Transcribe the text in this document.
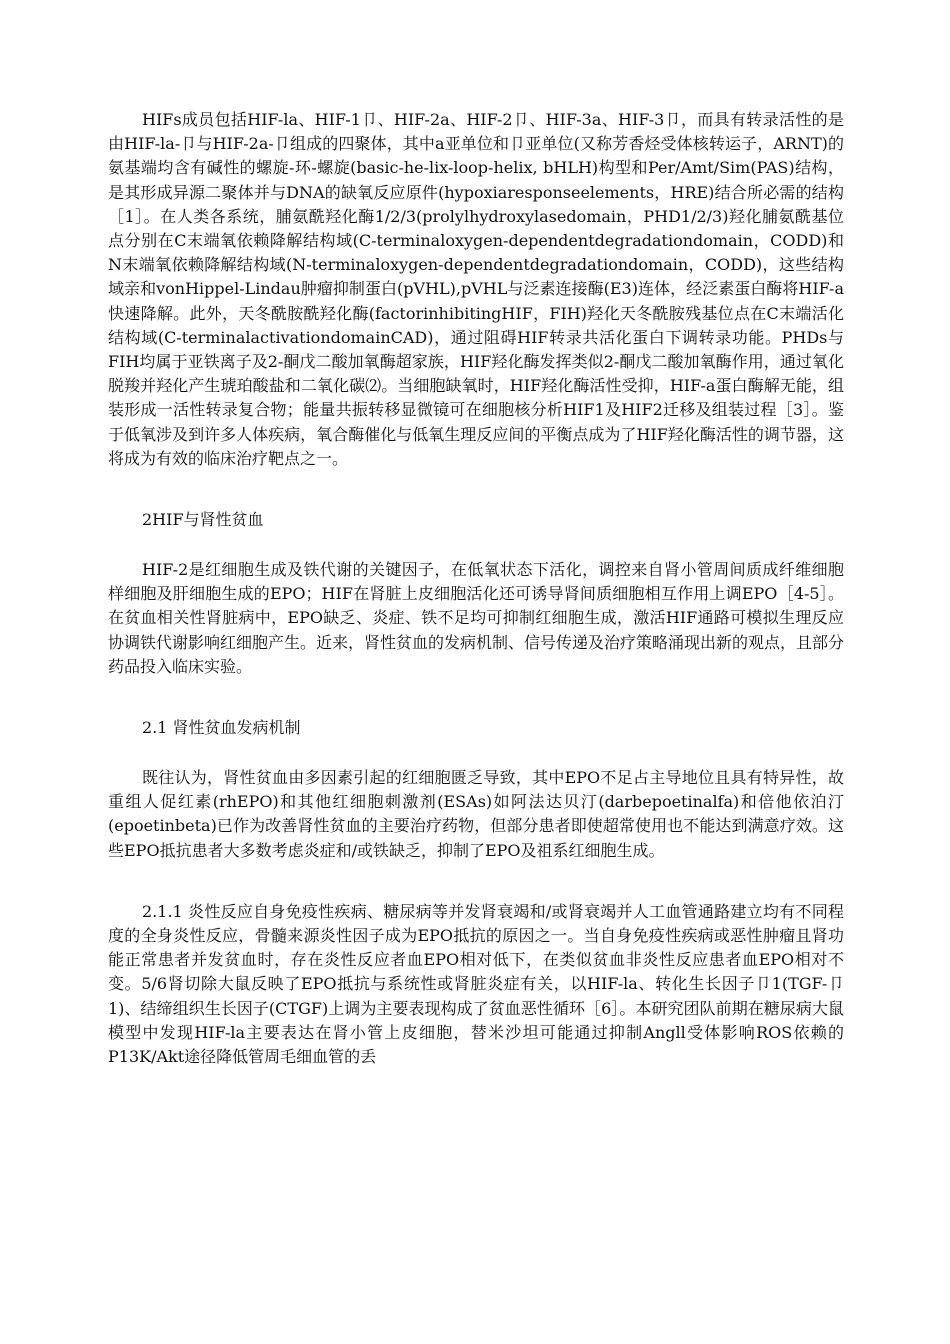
HIFs成员包括HIF-la、HIF-1卩、HIF-2a、HIF-2卩、HIF-3a、HIF-3卩，而具有转录活性的是由HIF-la-卩与HIF-2a-卩组成的四聚体，其中a亚单位和卩亚单位(又称芳香烃受体核转运子，ARNT)的氨基端均含有碱性的螺旋-环-螺旋(basic-he-lix-loop-helix, bHLH)构型和Per/Amt/Sim(PAS)结构，是其形成异源二聚体并与DNA的缺氧反应原件(hypoxiaresponseelements，HRE)结合所必需的结构［1］。在人类各系统，脯氨酰羟化酶1/2/3(prolylhydroxylasedomain，PHD1/2/3)羟化脯氨酰基位点分别在C末端氧依赖降解结构域(C-terminaloxygen-dependentdegradationdomain，CODD)和N末端氧依赖降解结构域(N-terminaloxygen-dependentdegradationdomain，CODD)，这些结构域亲和vonHippel-Lindau肿瘤抑制蛋白(pVHL),pVHL与泛素连接酶(E3)连体，经泛素蛋白酶将HIF-a快速降解。此外，天冬酰胺酰羟化酶(factorinhibitingHIF，FIH)羟化天冬酰胺残基位点在C末端活化结构域(C-terminalactivationdomainCAD)，通过阻碍HIF转录共活化蛋白下调转录功能。PHDs与FIH均属于亚铁离子及2-酮戊二酸加氧酶超家族，HIF羟化酶发挥类似2-酮戊二酸加氧酶作用，通过氧化脱羧并羟化产生琥珀酸盐和二氧化碳⑵。当细胞缺氧时，HIF羟化酶活性受抑，HIF-a蛋白酶解无能，组装形成一活性转录复合物；能量共振转移显微镜可在细胞核分析HIF1及HIF2迁移及组装过程［3］。鉴于低氧涉及到许多人体疾病，氧合酶催化与低氧生理反应间的平衡点成为了HIF羟化酶活性的调节器，这将成为有效的临床治疗靶点之一。

2HIF与肾性贫血

HIF-2是红细胞生成及铁代谢的关键因子，在低氧状态下活化，调控来自肾小管周间质成纤维细胞样细胞及肝细胞生成的EPO；HIF在肾脏上皮细胞活化还可诱导肾间质细胞相互作用上调EPO［4-5］。在贫血相关性肾脏病中，EPO缺乏、炎症、铁不足均可抑制红细胞生成，激活HIF通路可模拟生理反应协调铁代谢影响红细胞产生。近来，肾性贫血的发病机制、信号传递及治疗策略涌现出新的观点，且部分药品投入临床实验。

2.1 肾性贫血发病机制

既往认为，肾性贫血由多因素引起的红细胞匮乏导致，其中EPO不足占主导地位且具有特异性，故重组人促红素(rhEPO)和其他红细胞刺激剂(ESAs)如阿法达贝汀(darbepoetinalfa)和倍他依泊汀(epoetinbeta)已作为改善肾性贫血的主要治疗药物，但部分患者即使超常使用也不能达到满意疗效。这些EPO抵抗患者大多数考虑炎症和/或铁缺乏，抑制了EPO及祖系红细胞生成。

2.1.1 炎性反应自身免疫性疾病、糖尿病等并发肾衰竭和/或肾衰竭并人工血管通路建立均有不同程度的全身炎性反应，骨髓来源炎性因子成为EPO抵抗的原因之一。当自身免疫性疾病或恶性肿瘤且肾功能正常患者并发贫血时，存在炎性反应者血EPO相对低下，在类似贫血非炎性反应患者血EPO相对不变。5/6肾切除大鼠反映了EPO抵抗与系统性或肾脏炎症有关，以HIF-la、转化生长因子卩1(TGF-卩1)、结缔组织生长因子(CTGF)上调为主要表现构成了贫血恶性循环［6］。本研究团队前期在糖尿病大鼠模型中发现HIF-la主要表达在肾小管上皮细胞，替米沙坦可能通过抑制Angll受体影响ROS依赖的P13K/Akt途径降低管周毛细血管的丢
